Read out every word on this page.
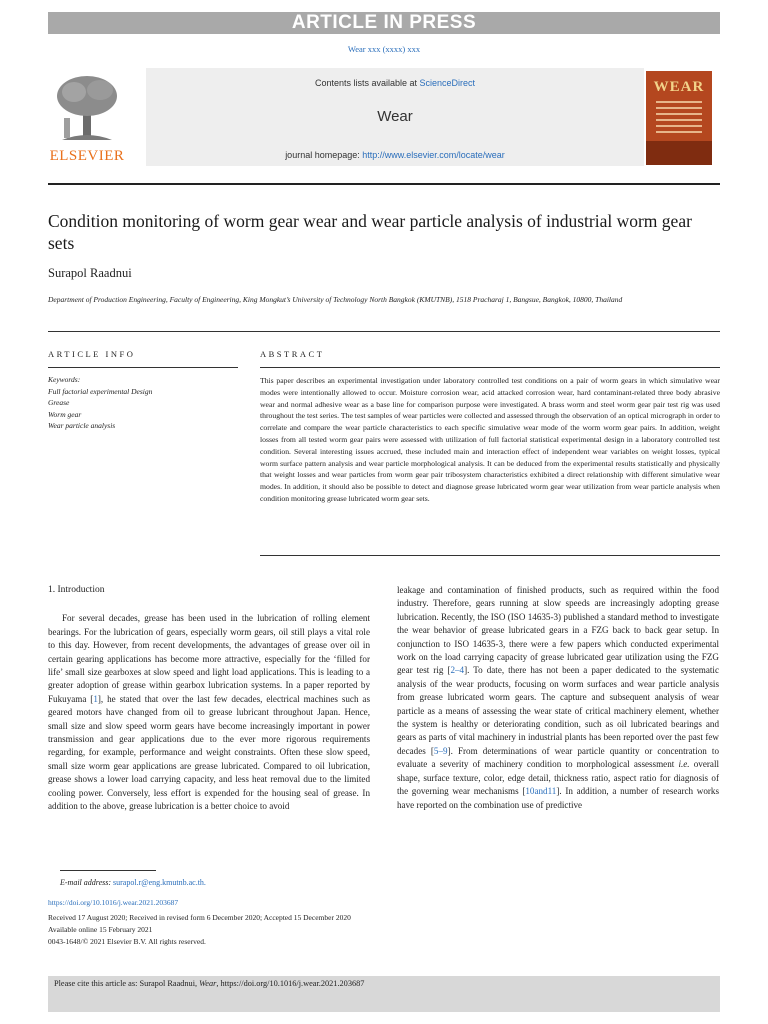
ARTICLE IN PRESS
Wear xxx (xxxx) xxx
ELSEVIER
Contents lists available at ScienceDirect
Wear
journal homepage: http://www.elsevier.com/locate/wear
WEAR
Condition monitoring of worm gear wear and wear particle analysis of industrial worm gear sets
Surapol Raadnui
Department of Production Engineering, Faculty of Engineering, King Mongkut’s University of Technology North Bangkok (KMUTNB), 1518 Pracharaj 1, Bangsue, Bangkok, 10800, Thailand
ARTICLE INFO	ABSTRACT
Keywords:
Full factorial experimental Design
Grease
Worm gear
Wear particle analysis

This paper describes an experimental investigation under laboratory controlled test conditions on a pair of worm gears in which simulative wear modes were intentionally allowed to occur. Moisture corrosion wear, acid attacked corrosion wear, hard contaminant-related three body abrasive wear and normal adhesive wear as a base line for comparison purpose were investigated. A brass worm and steel worm gear pair test rig was used throughout the test series. The test samples of wear particles were collected and assessed through the observation of an optical micrograph in order to correlate and compare the wear particle characteristics to each specific simulative wear mode of the worm worm gear pairs. In addition, weight losses from all tested worm gear pairs were assessed with utilization of full factorial statistical experimental design in a laboratory controlled test condition. Several interesting issues accrued, these included main and interaction effect of independent wear variables on weight losses, typical worm surface pattern analysis and wear particle morphological analysis. It can be deduced from the experimental results statistically and physically that weight losses and wear particles from worm gear pair tribosystem characteristics exhibited a direct relationship with different simulative wear modes. In addition, it should also be possible to detect and diagnose grease lubricated worm gear wear utilization from wear particle analysis when condition monitoring grease lubricated worm gear sets.

1. Introduction

For several decades, grease has been used in the lubrication of rolling element bearings. For the lubrication of gears, especially worm gears, oil still plays a vital role to this day. However, from recent developments, the advantages of grease over oil in certain gearing applications has become more attractive, especially for the ‘filled for life’ small size gearboxes at slow speed and light load applications. This is leading to a greater adoption of grease within gearbox lubrication systems. In a paper reported by Fukuyama [1], he stated that over the last few decades, electrical machines such as geared motors have changed from oil to grease lubricant throughout Japan. Hence, small size and slow speed worm gears have become increasingly important in power transmission and gear applications due to the ever more rigorous requirements regarding, for example, performance and weight constraints. Often these slow speed, small size worm gear applications are grease lubricated. Compared to oil lubrication, grease shows a lower load carrying capacity, and less heat removal due to the limited cooling power. Conversely, less effort is expended for the housing seal of grease. In addition to the above, grease lubrication is a better choice to avoid

leakage and contamination of finished products, such as required within the food industry. Therefore, gears running at slow speeds are increasingly adopting grease lubrication. Recently, the ISO (ISO 14635-3) published a standard method to investigate the wear behavior of grease lubricated gears in a FZG back to back gear setup. In conjunction to ISO 14635-3, there were a few papers which conducted experimental work on the load carrying capacity of grease lubricated gear utilization using the FZG gear test rig [2–4]. To date, there has not been a paper dedicated to the systematic analysis of the wear products, focusing on worm surfaces and wear particle analysis from grease lubricated worm gears. The capture and subsequent analysis of wear particle as a means of assessing the wear state of critical machinery element, whether the system is healthy or deteriorating condition, such as oil lubricated bearings and gears as parts of vital machinery in industrial plants has been reported over the past few decades [5–9]. From determinations of wear particle quantity or concentration to evaluate a severity of machinery condition to morphological assessment i.e. overall shape, surface texture, color, edge detail, thickness ratio, aspect ratio for diagnosis of the governing wear mechanisms [10and11]. In addition, a number of research works have reported on the combination use of predictive

E-mail address: surapol.r@eng.kmutnb.ac.th.
https://doi.org/10.1016/j.wear.2021.203687
Received 17 August 2020; Received in revised form 6 December 2020; Accepted 15 December 2020
Available online 15 February 2021
0043-1648/© 2021 Elsevier B.V. All rights reserved.
Please cite this article as: Surapol Raadnui, Wear, https://doi.org/10.1016/j.wear.2021.203687
